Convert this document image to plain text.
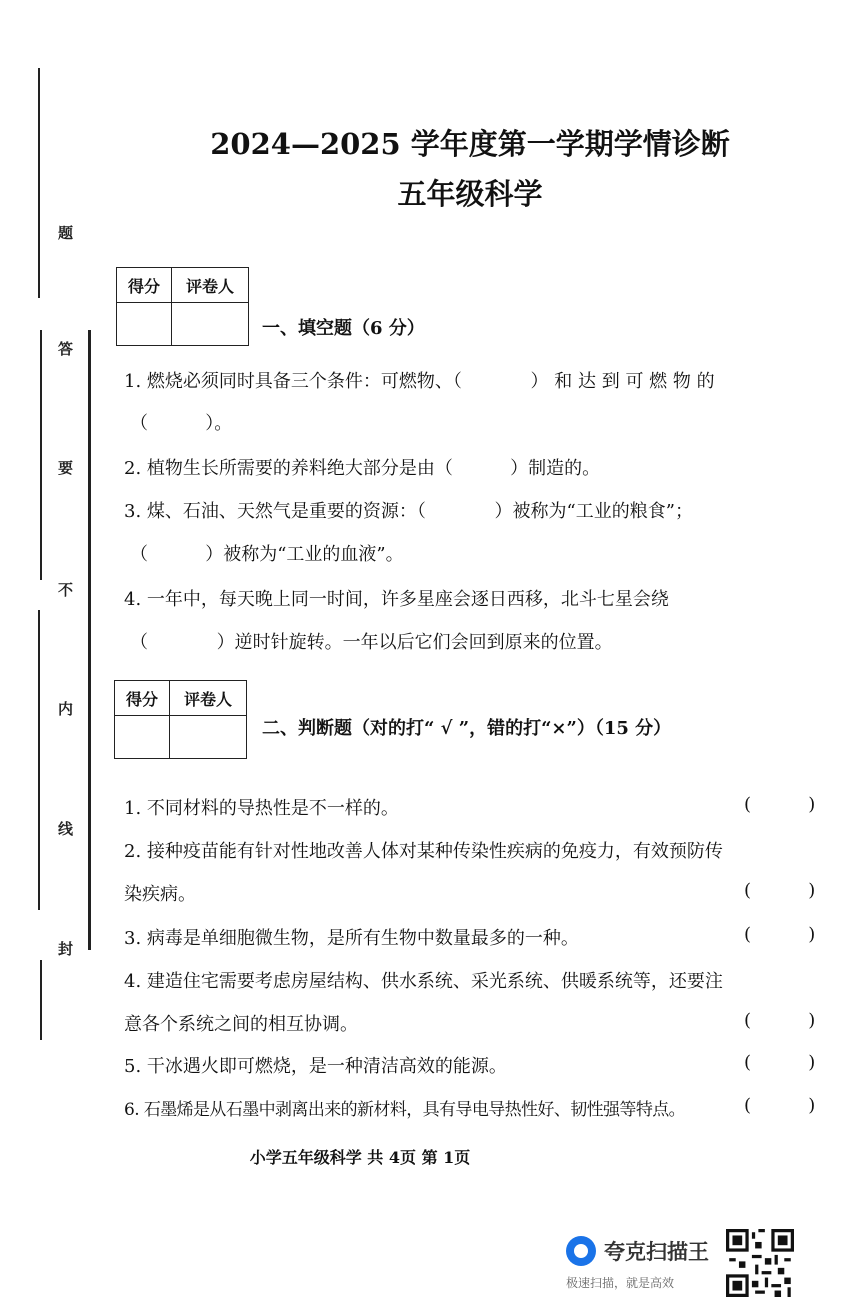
题
答
要
不
内
线
封
2024—2025 学年度第一学期学情诊断
五年级科学
得分	评卷人

一、填空题（6 分）
1. 燃烧必须同时具备三个条件：可燃物、（            ） 和 达 到 可 燃 物 的
（          ）。
2. 植物生长所需要的养料绝大部分是由（          ）制造的。
3. 煤、石油、天然气是重要的资源：（            ）被称为“工业的粮食”；
（          ）被称为“工业的血液”。
4. 一年中，每天晚上同一时间，许多星座会逐日西移，北斗七星会绕
（            ）逆时针旋转。一年以后它们会回到原来的位置。
得分	评卷人

二、判断题（对的打“ √ ”，错的打“×”）（15 分）
1. 不同材料的导热性是不一样的。	(          )
2. 接种疫苗能有针对性地改善人体对某种传染性疾病的免疫力，有效预防传
染疾病。	(          )
3. 病毒是单细胞微生物，是所有生物中数量最多的一种。	(          )
4. 建造住宅需要考虑房屋结构、供水系统、采光系统、供暖系统等，还要注
意各个系统之间的相互协调。	(          )
5. 干冰遇火即可燃烧，是一种清洁高效的能源。	(          )
6. 石墨烯是从石墨中剥离出来的新材料，具有导电导热性好、韧性强等特点。	(          )
小学五年级科学 共 4页 第 1页
夸克扫描王
极速扫描，就是高效
